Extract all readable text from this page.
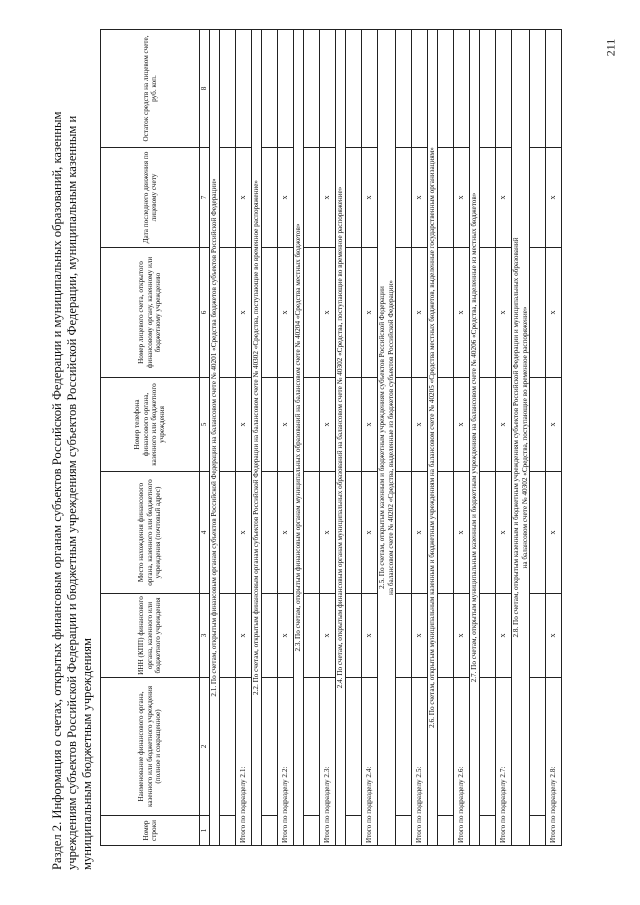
211
Раздел 2. Информация о счетах, открытых финансовым органам субъектов Российской Федерации и муниципальных образований, казенным учреждениям субъектов Российской Федерации и бюджетным учреждениям субъектов Российской Федерации, муниципальным казенным и муниципальным бюджетным учреждениям	Номер строки	Наименование финансового органа, казенного или бюджетного учреждения (полное и сокращенное)	ИНН (КПП) финансового органа, казенного или бюджетного учреждения	Место нахождения финансового органа, казенного или бюджетного учреждения (почтовый адрес)	Номер телефона финансового органа, казенного или бюджетного учреждения	Номер лицевого счета, открытого финансовому органу, казенному или бюджетному учреждению	Дата последнего движения по лицевому счету	Остаток средств на лицевом счете, руб. коп.
1	2	3	4	5	6	7	8
2.1. По счетам, открытым финансовым органам субъектов Российской Федерации на балансовом счете № 40201 «Средства бюджетов субъектов Российской Федерации»							

Итого по подразделу 2.1:		x	x	x	x	x	
2.2. По счетам, открытым финансовым органам субъектов Российской Федерации на балансовом счете № 40302 «Средства, поступающие во временное распоряжение»							

Итого по подразделу 2.2:		x	x	x	x	x	
2.3. По счетам, открытым финансовым органам муниципальных образований на балансовом счете № 40204 «Средства местных бюджетов»							

Итого по подразделу 2.3:		x	x	x	x	x	
2.4. По счетам, открытым финансовым органам муниципальных образований на балансовом счете № 40302 «Средства, поступающие во временное распоряжение»							

Итого по подразделу 2.4:		x	x	x	x	x	

2.5. По счетам, открытым казенным и бюджетным учреждениям субъектов Российской Федерации на балансовом счете № 40202 «Средства, выделенные из бюджетов субъектов Российской Федерации»							

Итого по подразделу 2.5:		x	x	x	x	x	
2.6. По счетам, открытым муниципальным казенным и бюджетным учреждениям на балансовом счете № 40205 «Средства местных бюджетов, выделенные государственным организациям»							

Итого по подразделу 2.6:		x	x	x	x	x	
2.7. По счетам, открытым муниципальным казенным и бюджетным учреждениям на балансовом счете № 40206 «Средства, выделенные из местных бюджетов»							

Итого по подразделу 2.7:		x	x	x	x	x	

2.8. По счетам, открытым казенным и бюджетным учреждениям субъектов Российской Федерации и муниципальных образований на балансовом счете № 40302 «Средства, поступающие во временное распоряжение»							

Итого по подразделу 2.8:		x	x	x	x	x	
